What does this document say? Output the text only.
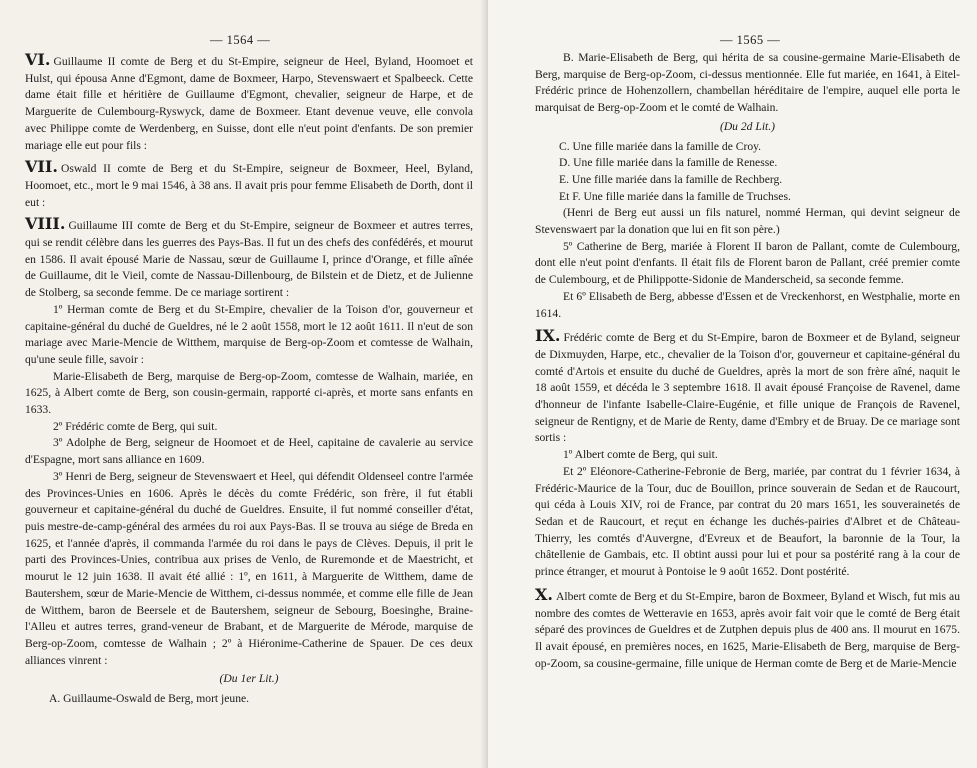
— 1564 —

VI. Guillaume II comte de Berg et du St-Empire, seigneur de Heel, Byland, Hoomoet et Hulst, qui épousa Anne d'Egmont, dame de Boxmeer, Harpo, Stevenswaert et Spalbeeck. Cette dame était fille et héritière de Guillaume d'Egmont, chevalier, seigneur de Harpe, et de Marguerite de Culembourg-Ryswyck, dame de Boxmeer. Etant devenue veuve, elle convola avec Philippe comte de Werdenberg, en Suisse, dont elle n'eut point d'enfants. De son premier mariage elle eut pour fils :

VII. Oswald II comte de Berg et du St-Empire, seigneur de Boxmeer, Heel, Byland, Hoomoet, etc., mort le 9 mai 1546, à 38 ans. Il avait pris pour femme Elisabeth de Dorth, dont il eut :

VIII. Guillaume III comte de Berg et du St-Empire, seigneur de Boxmeer et autres terres, qui se rendit célèbre dans les guerres des Pays-Bas. Il fut un des chefs des confédérés, et mourut en 1586. Il avait épousé Marie de Nassau, sœur de Guillaume I, prince d'Orange, et fille aînée de Guillaume, dit le Vieil, comte de Nassau-Dillenbourg, de Bilstein et de Dietz, et de Julienne de Stolberg, sa seconde femme. De ce mariage sortirent :

1º Herman comte de Berg et du St-Empire, chevalier de la Toison d'or, gouverneur et capitaine-général du duché de Gueldres, né le 2 août 1558, mort le 12 août 1611. Il n'eut de son mariage avec Marie-Mencie de Witthem, marquise de Berg-op-Zoom et comtesse de Walhain, qu'une seule fille, savoir :

Marie-Elisabeth de Berg, marquise de Berg-op-Zoom, comtesse de Walhain, mariée, en 1625, à Albert comte de Berg, son cousin-germain, rapporté ci-après, et morte sans enfants en 1633.

2º Frédéric comte de Berg, qui suit.

3º Adolphe de Berg, seigneur de Hoomoet et de Heel, capitaine de cavalerie au service d'Espagne, mort sans alliance en 1609.

3º Henri de Berg, seigneur de Stevenswaert et Heel, qui défendit Oldenseel contre l'armée des Provinces-Unies en 1606. Après le décès du comte Frédéric, son frère, il fut établi gouverneur et capitaine-général du duché de Gueldres. Ensuite, il fut nommé conseiller d'état, puis mestre-de-camp-général des armées du roi aux Pays-Bas. Il se trouva au siége de Breda en 1625, et l'année d'après, il commanda l'armée du roi dans le pays de Clèves. Depuis, il prit le parti des Provinces-Unies, contribua aux prises de Venlo, de Ruremonde et de Maestricht, et mourut le 12 juin 1638. Il avait été allié : 1º, en 1611, à Marguerite de Witthem, dame de Bautershem, sœur de Marie-Mencie de Witthem, ci-dessus nommée, et comme elle fille de Jean de Witthem, baron de Beersele et de Bautershem, seigneur de Sebourg, Boesinghe, Braine-l'Alleu et autres terres, grand-veneur de Brabant, et de Marguerite de Mérode, marquise de Berg-op-Zoom, comtesse de Walhain ; 2º à Hiéronime-Catherine de Spauer. De ces deux alliances vinrent :

(Du 1er Lit.)

A. Guillaume-Oswald de Berg, mort jeune.

— 1565 —

B. Marie-Elisabeth de Berg, qui hérita de sa cousine-germaine Marie-Elisabeth de Berg, marquise de Berg-op-Zoom, ci-dessus mentionnée. Elle fut mariée, en 1641, à Eitel-Frédéric prince de Hohenzollern, chambellan héréditaire de l'empire, auquel elle porta le marquisat de Berg-op-Zoom et le comté de Walhain.

(Du 2d Lit.)

C. Une fille mariée dans la famille de Croy.

D. Une fille mariée dans la famille de Renesse.

E. Une fille mariée dans la famille de Rechberg.

Et F. Une fille mariée dans la famille de Truchses.

(Henri de Berg eut aussi un fils naturel, nommé Herman, qui devint seigneur de Stevenswaert par la donation que lui en fit son père.)

5º Catherine de Berg, mariée à Florent II baron de Pallant, comte de Culembourg, dont elle n'eut point d'enfants. Il était fils de Florent baron de Pallant, créé premier comte de Culembourg, et de Philippotte-Sidonie de Manderscheid, sa seconde femme.

Et 6º Elisabeth de Berg, abbesse d'Essen et de Vreckenhorst, en Westphalie, morte en 1614.

IX. Frédéric comte de Berg et du St-Empire, baron de Boxmeer et de Byland, seigneur de Dixmuyden, Harpe, etc., chevalier de la Toison d'or, gouverneur et capitaine-général du comté d'Artois et ensuite du duché de Gueldres, après la mort de son frère aîné, naquit le 18 août 1559, et décéda le 3 septembre 1618. Il avait épousé Françoise de Ravenel, dame d'honneur de l'infante Isabelle-Claire-Eugénie, et fille unique de François de Ravenel, seigneur de Rentigny, et de Marie de Renty, dame d'Embry et de Bruay. De ce mariage sont sortis :

1º Albert comte de Berg, qui suit.

Et 2º Eléonore-Catherine-Febronie de Berg, mariée, par contrat du 1 février 1634, à Frédéric-Maurice de la Tour, duc de Bouillon, prince souverain de Sedan et de Raucourt, qui céda à Louis XIV, roi de France, par contrat du 20 mars 1651, les souverainetés de Sedan et de Raucourt, et reçut en échange les duchés-pairies d'Albret et de Château-Thierry, les comtés d'Auvergne, d'Evreux et de Beaufort, la baronnie de la Tour, la châtellenie de Gambais, etc. Il obtint aussi pour lui et pour sa postérité rang à la cour de prince étranger, et mourut à Pontoise le 9 août 1652. Dont postérité.

X. Albert comte de Berg et du St-Empire, baron de Boxmeer, Byland et Wisch, fut mis au nombre des comtes de Wetteravie en 1653, après avoir fait voir que le comté de Berg était séparé des provinces de Gueldres et de Zutphen depuis plus de 400 ans. Il mourut en 1675. Il avait épousé, en premières noces, en 1625, Marie-Elisabeth de Berg, marquise de Berg-op-Zoom, sa cousine-germaine, fille unique de Herman comte de Berg et de Marie-Mencie
